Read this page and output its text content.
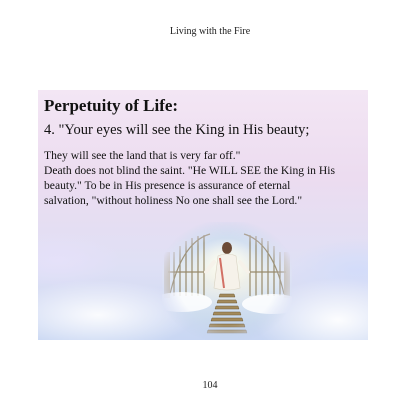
Living with the Fire
Perpetuity of Life:
4. "Your eyes will see the King in His beauty;

They will see the land that is very far off."

Death does not blind the saint. "He WILL SEE the King in His

beauty." To be in His presence is assurance of eternal

salvation, "without holiness No one shall see the Lord."

104
